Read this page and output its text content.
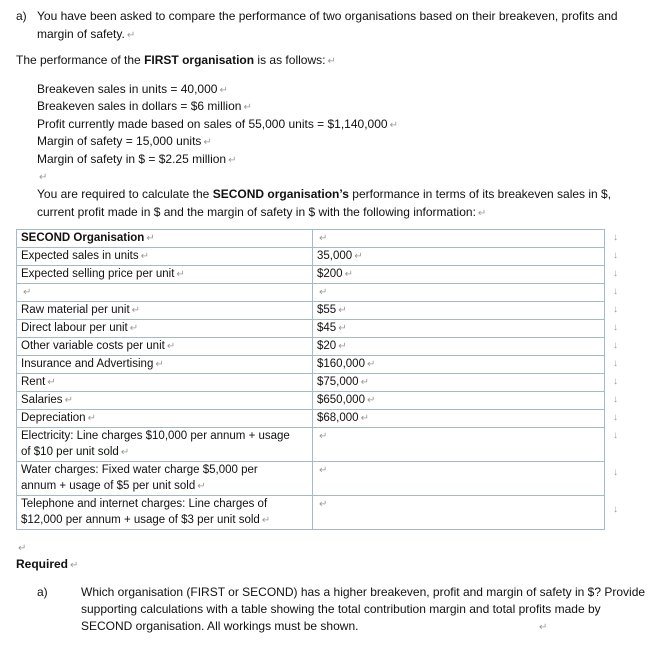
a) You have been asked to compare the performance of two organisations based on their breakeven, profits and
margin of safety. ↵
The performance of the FIRST organisation is as follows: ↵
Breakeven sales in units = 40,000 ↵
Breakeven sales in dollars = $6 million ↵
Profit currently made based on sales of 55,000 units = $1,140,000 ↵
Margin of safety = 15,000 units ↵
Margin of safety in $ = $2.25 million ↵
↵
You are required to calculate the SECOND organisation’s performance in terms of its breakeven sales in $,
current profit made in $ and the margin of safety in $ with the following information: ↵
SECOND Organisation ↵	↵
Expected sales in units ↵	35,000 ↵
Expected selling price per unit ↵	$200 ↵
↵	↵
Raw material per unit ↵	$55 ↵
Direct labour per unit ↵	$45 ↵
Other variable costs per unit ↵	$20 ↵
Insurance and Advertising ↵	$160,000 ↵
Rent ↵	$75,000 ↵
Salaries ↵	$650,000 ↵
Depreciation ↵	$68,000 ↵
Electricity: Line charges $10,000 per annum + usage
of $10 per unit sold ↵	↵
Water charges: Fixed water charge $5,000 per
annum + usage of $5 per unit sold ↵	↵
Telephone and internet charges: Line charges of
$12,000 per annum + usage of $3 per unit sold ↵	↵
↓
↓
↓
↓
↓
↓
↓
↓
↓
↓
↓
↓
↓
↓
↵
Required ↵
a)	Which organisation (FIRST or SECOND) has a higher breakeven, profit and margin of safety in $? Provide
supporting calculations with a table showing the total contribution margin and total profits made by
SECOND organisation. All workings must be shown.	↵
